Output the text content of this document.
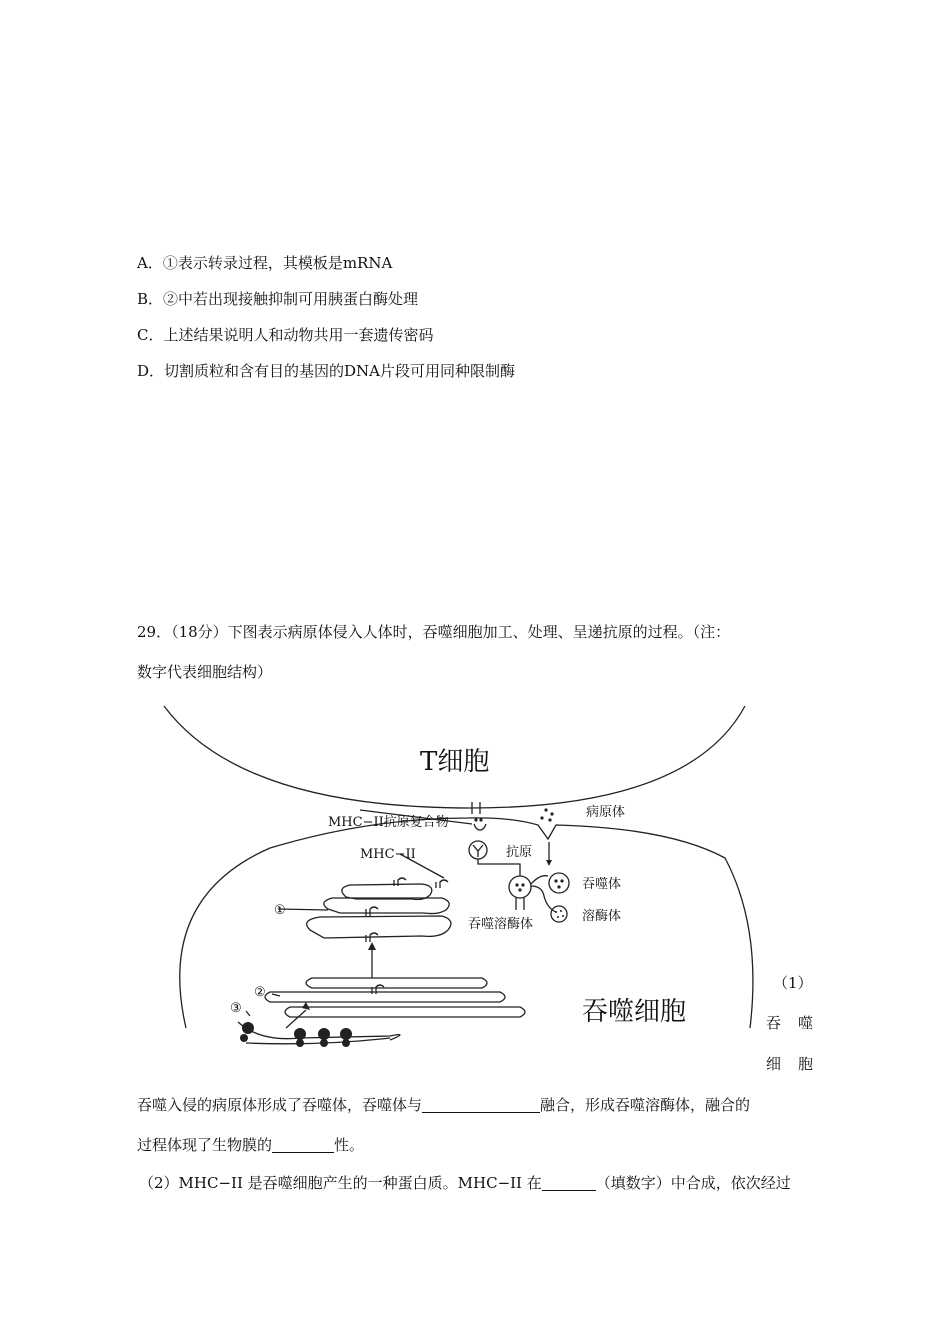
A．①表示转录过程，其模板是mRNA
B．②中若出现接触抑制可用胰蛋白酶处理
C．上述结果说明人和动物共用一套遗传密码
D．切割质粒和含有目的基因的DNA片段可用同种限制酶
29．（18分）下图表示病原体侵入人体时，吞噬细胞加工、处理、呈递抗原的过程。（注：
数字代表细胞结构）
T细胞
吞噬细胞
MHC−II抗原复合物
MHC−II
病原体
抗原
吞噬体
溶酶体
吞噬溶酶体
①
②
③
（1）
吞 噬
细 胞
吞噬入侵的病原体形成了吞噬体，吞噬体与	融合，形成吞噬溶酶体，融合的
过程体现了生物膜的	性。
（2）MHC−II 是吞噬细胞产生的一种蛋白质。MHC−II 在	（填数字）中合成，依次经过
